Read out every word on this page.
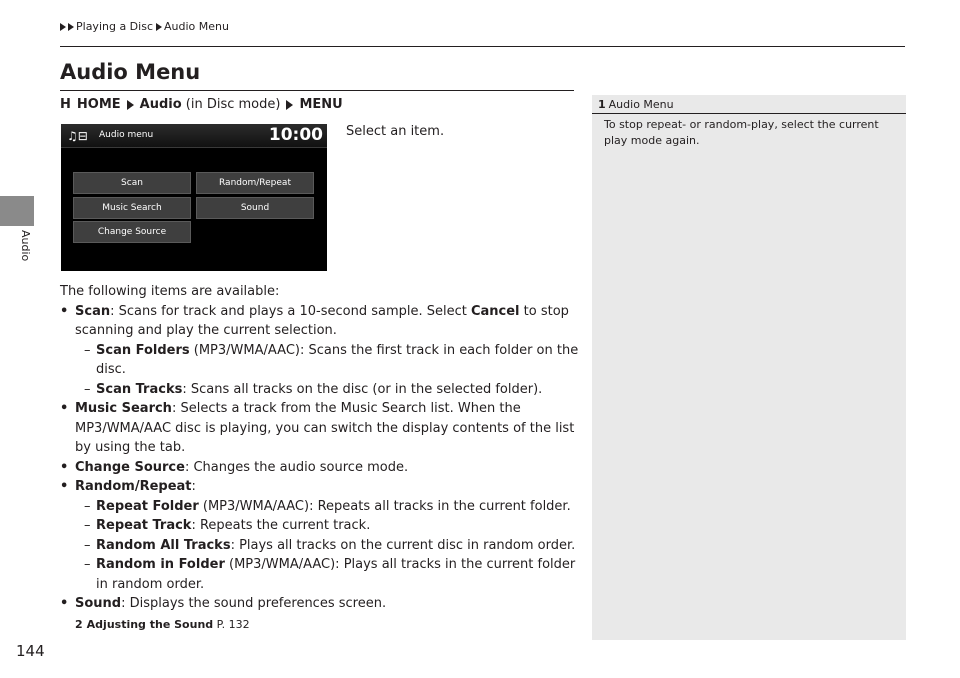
Playing a Disc Audio Menu
Audio
Audio Menu
H HOME Audio (in Disc mode) MENU
♫⊟ Audio menu	10:00
Scan	Random/Repeat
Music Search	Sound
Change Source
Select an item.

The following items are available:

• Scan: Scans for track and plays a 10-second sample. Select Cancel to stop scanning and play the current selection.

– Scan Folders (MP3/WMA/AAC): Scans the first track in each folder on the disc.

– Scan Tracks: Scans all tracks on the disc (or in the selected folder).

• Music Search: Selects a track from the Music Search list. When the MP3/WMA/AAC disc is playing, you can switch the display contents of the list by using the tab.

• Change Source: Changes the audio source mode.

• Random/Repeat:

– Repeat Folder (MP3/WMA/AAC): Repeats all tracks in the current folder.

– Repeat Track: Repeats the current track.

– Random All Tracks: Plays all tracks on the current disc in random order.

– Random in Folder (MP3/WMA/AAC): Plays all tracks in the current folder in random order.

• Sound: Displays the sound preferences screen.

2 Adjusting the Sound P. 132

1 Audio Menu
To stop repeat- or random-play, select the current play mode again.
144
